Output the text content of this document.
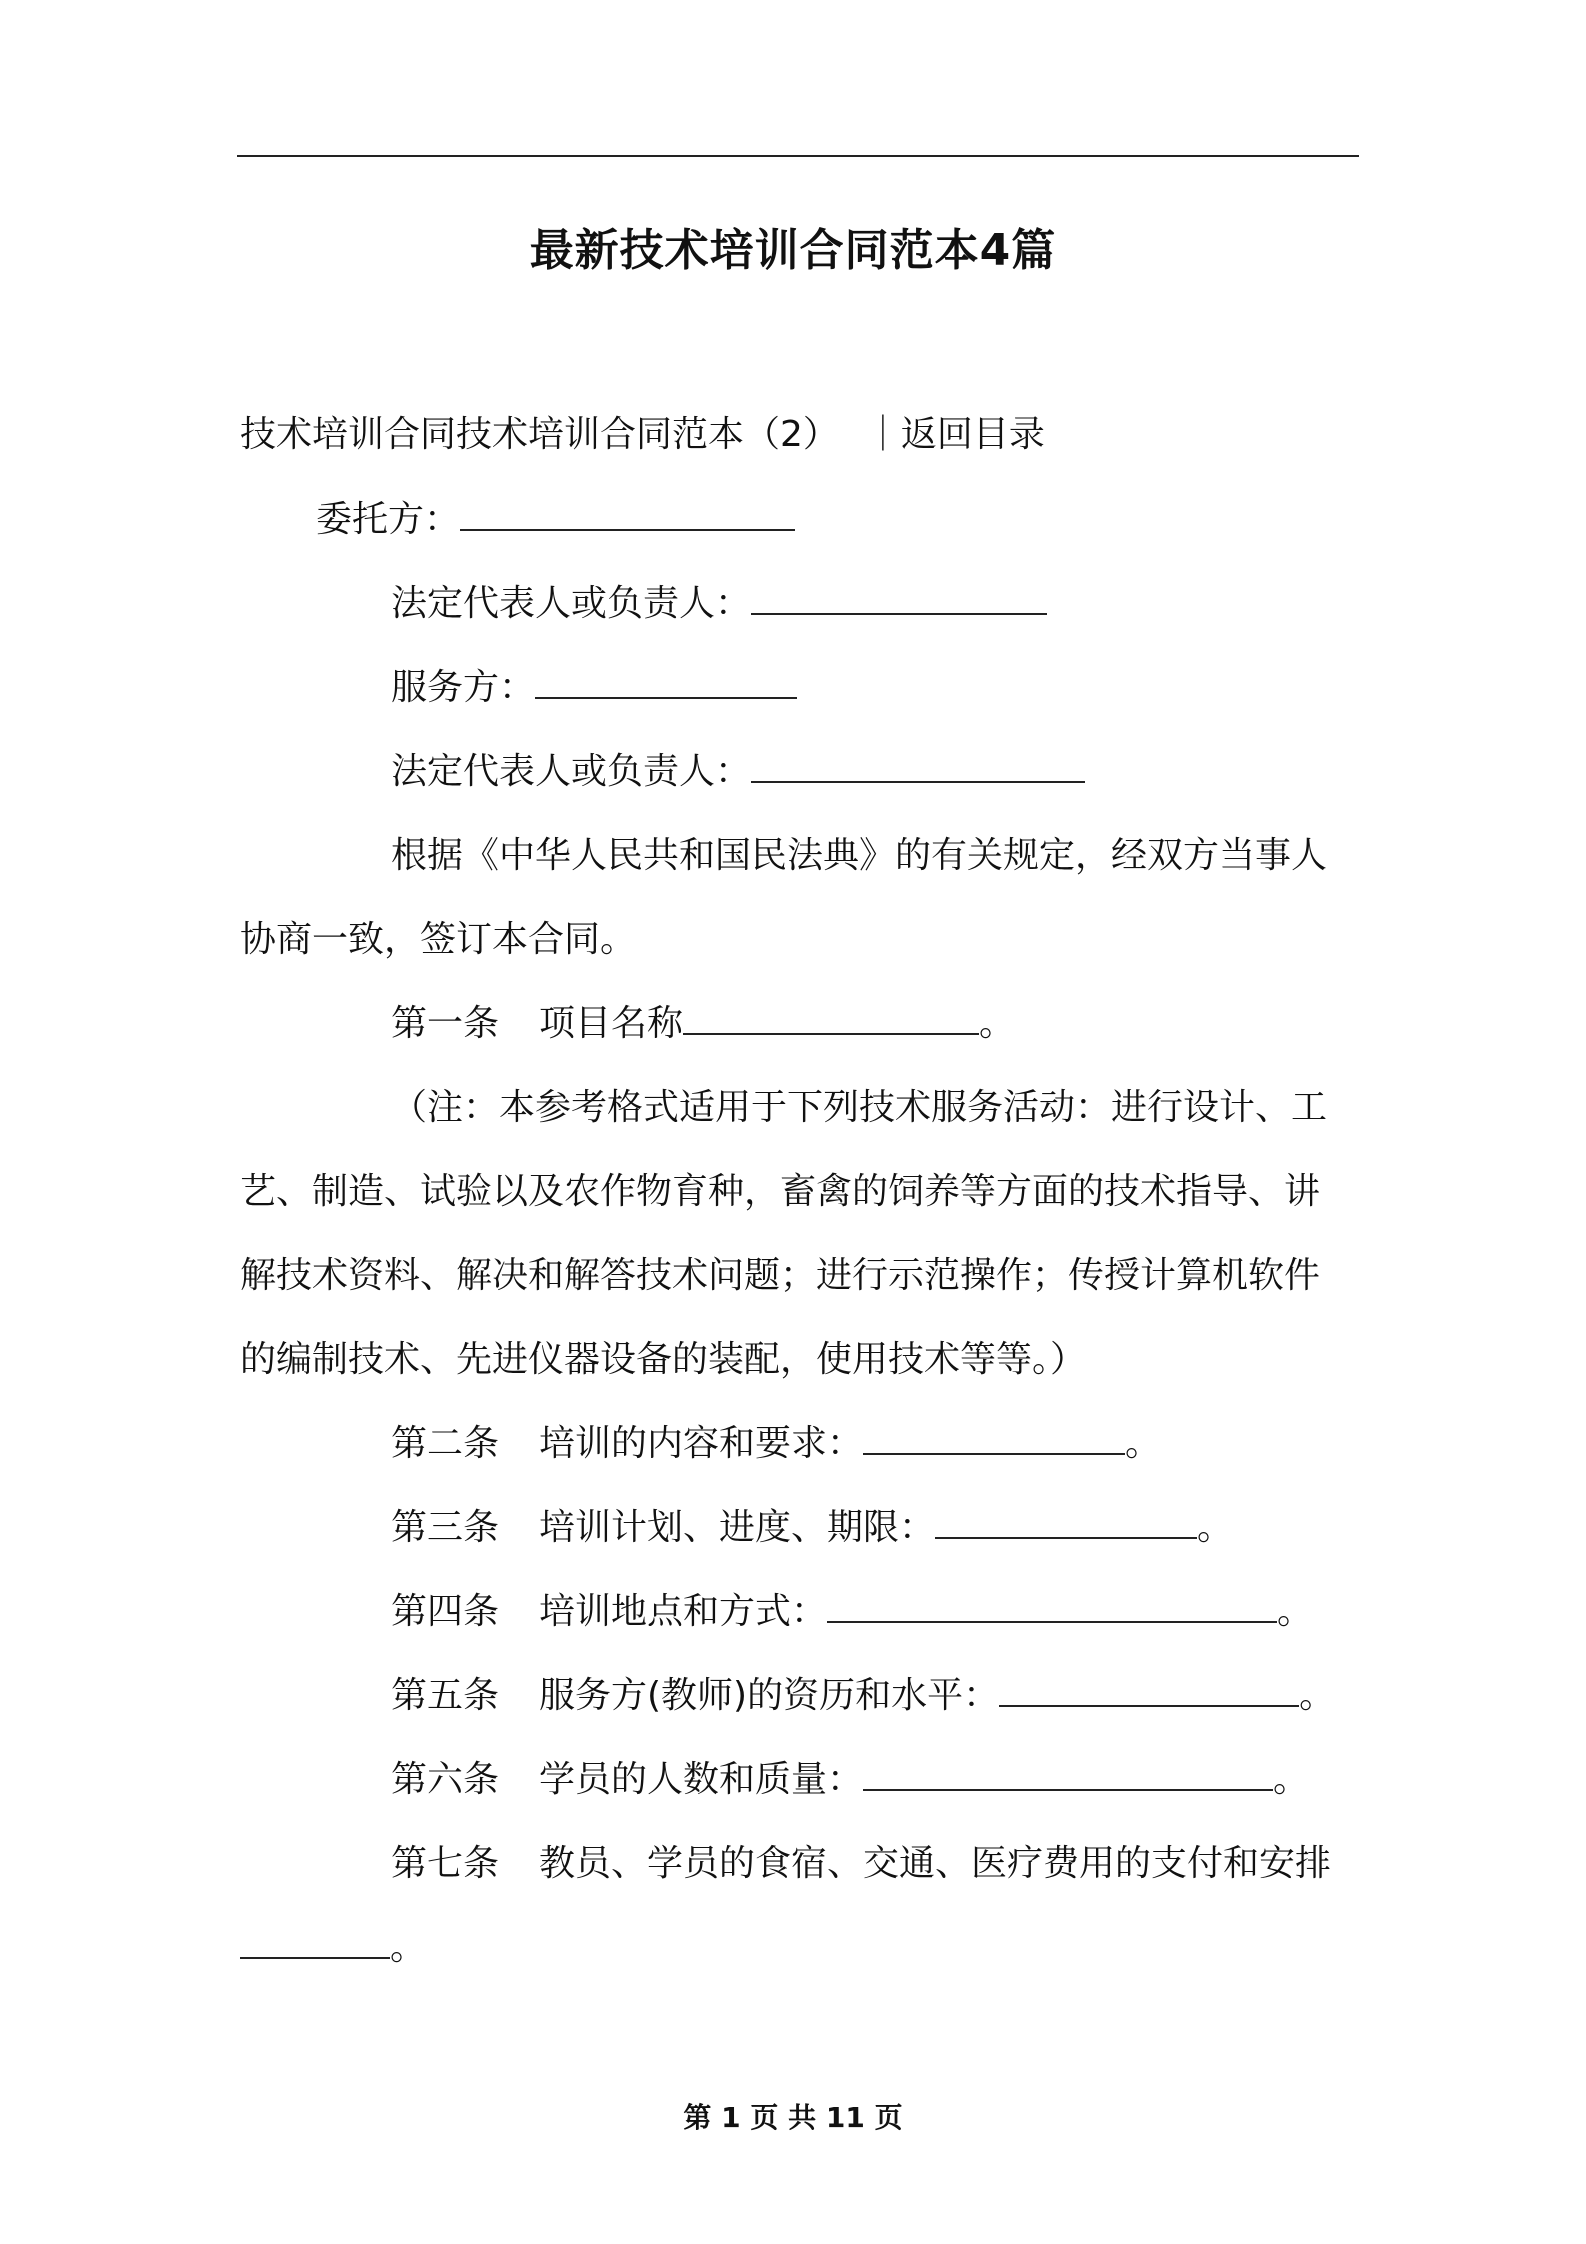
最新技术培训合同范本4篇
技术培训合同技术培训合同范本（2） ｜返回目录
委托方：
法定代表人或负责人：
服务方：
法定代表人或负责人：
根据《中华人民共和国民法典》的有关规定，经双方当事人
协商一致，签订本合同。
第一条 项目名称	。
（注：本参考格式适用于下列技术服务活动：进行设计、工
艺、制造、试验以及农作物育种，畜禽的饲养等方面的技术指导、讲
解技术资料、解决和解答技术问题；进行示范操作；传授计算机软件
的编制技术、先进仪器设备的装配，使用技术等等。）
第二条 培训的内容和要求：	。
第三条 培训计划、进度、期限：	。
第四条 培训地点和方式：	。
第五条 服务方(教师)的资历和水平：	。
第六条 学员的人数和质量：	。
第七条 教员、学员的食宿、交通、医疗费用的支付和安排
。
第 1 页 共 11 页
